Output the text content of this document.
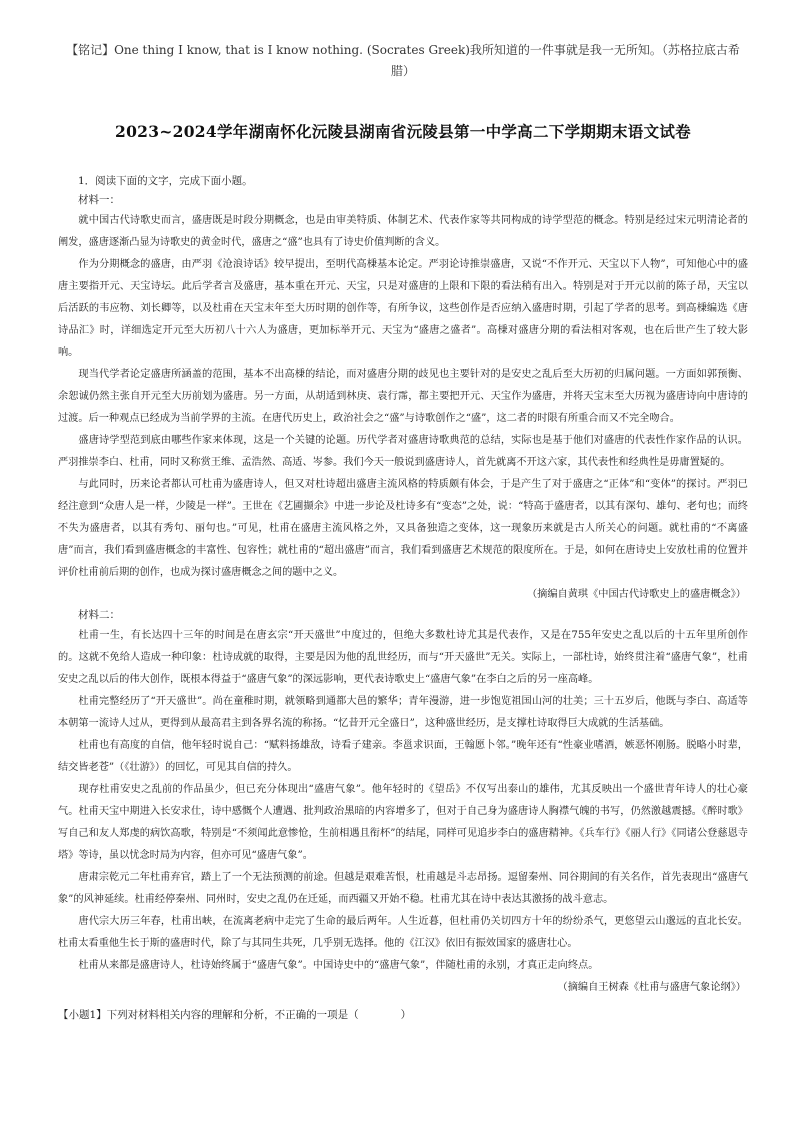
【铭记】One thing I know, that is I know nothing. (Socrates Greek)我所知道的一件事就是我一无所知。（苏格拉底古希腊）
2023~2024学年湖南怀化沅陵县湖南省沅陵县第一中学高二下学期期末语文试卷
1．阅读下面的文字，完成下面小题。
材料一：

就中国古代诗歌史而言，盛唐既是时段分期概念，也是由审美特质、体制艺术、代表作家等共同构成的诗学型范的概念。特别是经过宋元明清论者的阐发，盛唐逐渐凸显为诗歌史的黄金时代，盛唐之“盛”也具有了诗史价值判断的含义。

作为分期概念的盛唐，由严羽《沧浪诗话》较早提出，至明代高棅基本论定。严羽论诗推崇盛唐，又说“不作开元、天宝以下人物”，可知他心中的盛唐主要指开元、天宝诗坛。此后学者言及盛唐，基本重在开元、天宝，只是对盛唐的上限和下限的看法稍有出入。特别是对于开元以前的陈子昂，天宝以后活跃的韦应物、刘长卿等，以及杜甫在天宝末年至大历时期的创作等，有所争议，这些创作是否应纳入盛唐时期，引起了学者的思考。到高棅编选《唐诗品汇》时，详细选定开元至大历初八十六人为盛唐，更加标举开元、天宝为“盛唐之盛者”。高棅对盛唐分期的看法相对客观，也在后世产生了较大影响。

现当代学者论定盛唐所涵盖的范围，基本不出高棅的结论，而对盛唐分期的歧见也主要针对的是安史之乱后至大历初的归属问题。一方面如郭预衡、余恕诚仍然主张自开元至大历前划为盛唐。另一方面，从胡适到林庚、袁行霈，都主要把开元、天宝作为盛唐，并将天宝末至大历视为盛唐诗向中唐诗的过渡。后一种观点已经成为当前学界的主流。在唐代历史上，政治社会之“盛”与诗歌创作之“盛”，这二者的时限有所重合而又不完全吻合。

盛唐诗学型范到底由哪些作家来体现，这是一个关键的论题。历代学者对盛唐诗歌典范的总结，实际也是基于他们对盛唐的代表性作家作品的认识。严羽推崇李白、杜甫，同时又称赏王维、孟浩然、高适、岑参。我们今天一般说到盛唐诗人，首先就离不开这六家，其代表性和经典性是毋庸置疑的。

与此同时，历来论者都认可杜甫为盛唐诗人，但又对杜诗超出盛唐主流风格的特质颇有体会，于是产生了对于盛唐之“正体”和“变体”的探讨。严羽已经注意到“众唐人是一样，少陵是一样”。王世在《艺圃撷余》中进一步论及杜诗多有“变态”之处，说：“特高于盛唐者，以其有深句、雄句、老句也；而终不失为盛唐者，以其有秀句、丽句也。”可见，杜甫在盛唐主流风格之外，又具备独造之变体，这一现象历来就是古人所关心的问题。就杜甫的“不离盛唐”而言，我们看到盛唐概念的丰富性、包容性；就杜甫的“超出盛唐”而言，我们看到盛唐艺术规范的限度所在。于是，如何在唐诗史上安放杜甫的位置并评价杜甫前后期的创作，也成为探讨盛唐概念之间的题中之义。

（摘编自黄琪《中国古代诗歌史上的盛唐概念》）

材料二：

杜甫一生，有长达四十三年的时间是在唐玄宗“开天盛世”中度过的，但绝大多数杜诗尤其是代表作，又是在755年安史之乱以后的十五年里所创作的。这就不免给人造成一种印象：杜诗成就的取得，主要是因为他的乱世经历，而与“开天盛世”无关。实际上，一部杜诗，始终贯注着“盛唐气象”，杜甫安史之乱以后的伟大创作，既根本得益于“盛唐气象”的深远影响，更代表诗歌史上“盛唐气象”在李白之后的另一座高峰。

杜甫完整经历了“开天盛世”。尚在童稚时期，就领略到通都大邑的繁华；青年漫游，进一步饱览祖国山河的壮美；三十五岁后，他既与李白、高适等本朝第一流诗人过从，更得到从最高君主到各界名流的称扬。“忆昔开元全盛日”，这种盛世经历，是支撑杜诗取得巨大成就的生活基础。

杜甫也有高度的自信，他年轻时说自己：“赋料扬雄敌，诗看子建亲。李邕求识面，王翰愿卜邻。”晚年还有“性豪业嗜酒，嫉恶怀刚肠。脱略小时辈，结交皆老苍”（《壮游》）的回忆，可见其自信的持久。

现存杜甫安史之乱前的作品虽少，但已充分体现出“盛唐气象”。他年轻时的《望岳》不仅写出泰山的雄伟，尤其反映出一个盛世青年诗人的壮心豪气。杜甫天宝中期进入长安求仕，诗中感慨个人遭遇、批判政治黑暗的内容增多了，但对于自己身为盛唐诗人胸襟气魄的书写，仍然激越震撼。《醉时歌》写自己和友人郑虔的病饮高歌，特别是“不须闻此意惨怆，生前相遇且衔杯”的结尾，同样可见追步李白的盛唐精神。《兵车行》《丽人行》《同诸公登慈恩寺塔》等诗，虽以忧念时局为内容，但亦可见“盛唐气象”。

唐肃宗乾元二年杜甫弃官，踏上了一个无法预测的前途。但越是艰难苦恨，杜甫越是斗志昂扬。逗留秦州、同谷期间的有关名作，首先表现出“盛唐气象”的风神延续。杜甫经停秦州、同州时，安史之乱仍在迁延，而西疆又开始不稳。杜甫尤其在诗中表达其激扬的战斗意志。

唐代宗大历三年春，杜甫出峡，在流离老病中走完了生命的最后两年。人生近暮，但杜甫仍关切四方十年的纷纷杀气，更悠望云山邈远的直北长安。杜甫太看重他生长于斯的盛唐时代，除了与其同生共死，几乎别无选择。他的《江汉》依旧有振效国家的盛唐壮心。

杜甫从来都是盛唐诗人，杜诗始终属于“盛唐气象”。中国诗史中的“盛唐气象”，伴随杜甫的永别，才真正走向终点。

（摘编自王树森《杜甫与盛唐气象论纲》）

【小题1】下列对材料相关内容的理解和分析，不正确的一项是（　　　　）
